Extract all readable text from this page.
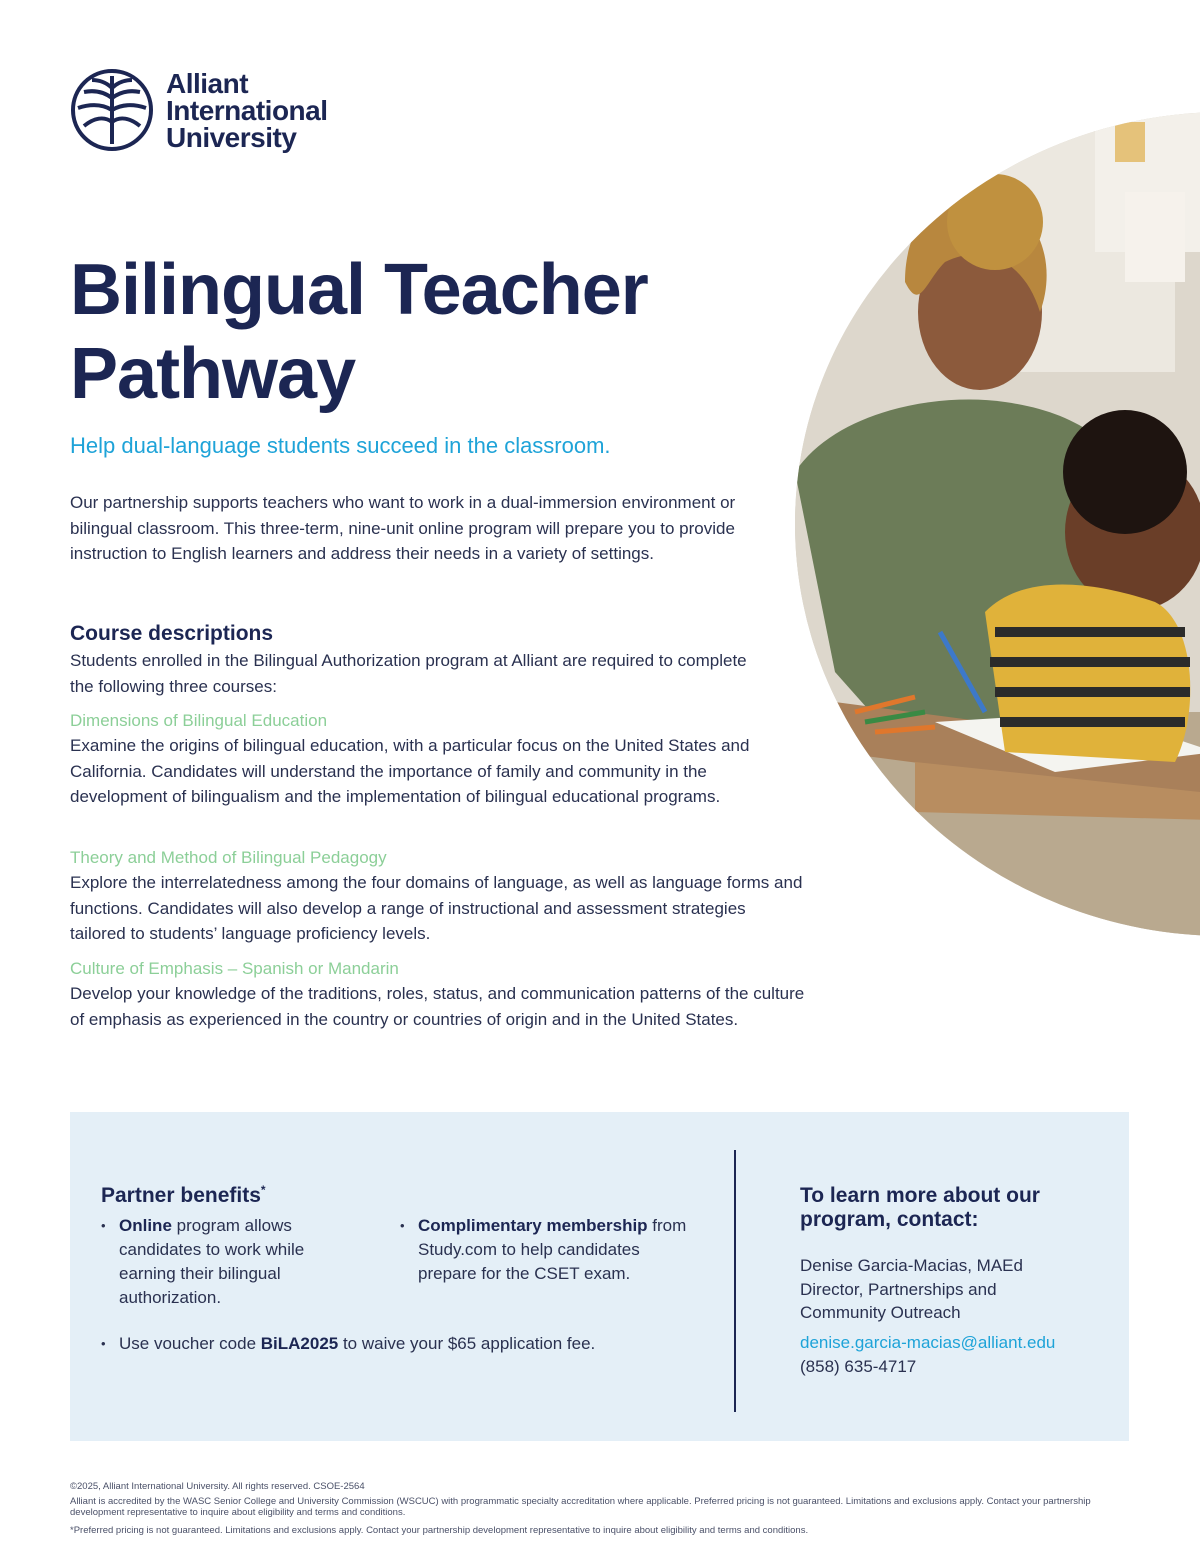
Alliant
International
University
Bilingual Teacher
Pathway

Help dual-language students succeed in the classroom.

Our partnership supports teachers who want to work in a dual-immersion environment or bilingual classroom. This three-term, nine-unit online program will prepare you to provide instruction to English learners and address their needs in a variety of settings.

Course descriptions

Students enrolled in the Bilingual Authorization program at Alliant are required to complete the following three courses:

Dimensions of Bilingual Education

Examine the origins of bilingual education, with a particular focus on the United States and California. Candidates will understand the importance of family and community in the development of bilingualism and the implementation of bilingual educational programs.

Theory and Method of Bilingual Pedagogy

Explore the interrelatedness among the four domains of language, as well as language forms and functions. Candidates will also develop a range of instructional and assessment strategies tailored to students’ language proficiency levels.

Culture of Emphasis – Spanish or Mandarin

Develop your knowledge of the traditions, roles, status, and communication patterns of the culture of emphasis as experienced in the country or countries of origin and in the United States.

Partner benefits*
• Online program allows candidates to work while earning their bilingual authorization.
• Complimentary membership from Study.com to help candidates prepare for the CSET exam.
• Use voucher code BiLA2025 to waive your $65 application fee.
To learn more about our program, contact:
Denise Garcia-Macias, MAEd
Director, Partnerships and
Community Outreach
denise.garcia-macias@alliant.edu
(858) 635-4717

©2025, Alliant International University. All rights reserved. CSOE-2564

Alliant is accredited by the WASC Senior College and University Commission (WSCUC) with programmatic specialty accreditation where applicable. Preferred pricing is not guaranteed. Limitations and exclusions apply. Contact your partnership development representative to inquire about eligibility and terms and conditions.

*Preferred pricing is not guaranteed. Limitations and exclusions apply. Contact your partnership development representative to inquire about eligibility and terms and conditions.
